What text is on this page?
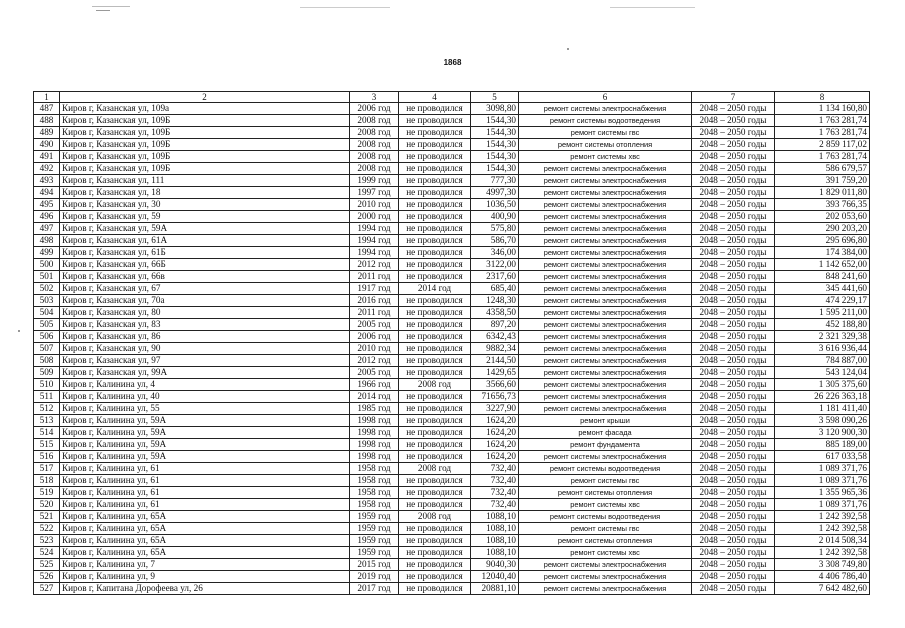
1868
1	2	3	4	5	6	7	8
487	Киров г, Казанская ул, 109а	2006 год	не проводился	3098,80	ремонт системы электроснабжения	2048 – 2050 годы	1 134 160,80
488	Киров г, Казанская ул, 109Б	2008 год	не проводился	1544,30	ремонт системы водоотведения	2048 – 2050 годы	1 763 281,74
489	Киров г, Казанская ул, 109Б	2008 год	не проводился	1544,30	ремонт системы гвс	2048 – 2050 годы	1 763 281,74
490	Киров г, Казанская ул, 109Б	2008 год	не проводился	1544,30	ремонт системы отопления	2048 – 2050 годы	2 859 117,02
491	Киров г, Казанская ул, 109Б	2008 год	не проводился	1544,30	ремонт системы хвс	2048 – 2050 годы	1 763 281,74
492	Киров г, Казанская ул, 109Б	2008 год	не проводился	1544,30	ремонт системы электроснабжения	2048 – 2050 годы	586 679,57
493	Киров г, Казанская ул, 111	1999 год	не проводился	777,30	ремонт системы электроснабжения	2048 – 2050 годы	391 759,20
494	Киров г, Казанская ул, 18	1997 год	не проводился	4997,30	ремонт системы электроснабжения	2048 – 2050 годы	1 829 011,80
495	Киров г, Казанская ул, 30	2010 год	не проводился	1036,50	ремонт системы электроснабжения	2048 – 2050 годы	393 766,35
496	Киров г, Казанская ул, 59	2000 год	не проводился	400,90	ремонт системы электроснабжения	2048 – 2050 годы	202 053,60
497	Киров г, Казанская ул, 59А	1994 год	не проводился	575,80	ремонт системы электроснабжения	2048 – 2050 годы	290 203,20
498	Киров г, Казанская ул, 61А	1994 год	не проводился	586,70	ремонт системы электроснабжения	2048 – 2050 годы	295 696,80
499	Киров г, Казанская ул, 61Б	1994 год	не проводился	346,00	ремонт системы электроснабжения	2048 – 2050 годы	174 384,00
500	Киров г, Казанская ул, 66Б	2012 год	не проводился	3122,00	ремонт системы электроснабжения	2048 – 2050 годы	1 142 652,00
501	Киров г, Казанская ул, 66в	2011 год	не проводился	2317,60	ремонт системы электроснабжения	2048 – 2050 годы	848 241,60
502	Киров г, Казанская ул, 67	1917 год	2014 год	685,40	ремонт системы электроснабжения	2048 – 2050 годы	345 441,60
503	Киров г, Казанская ул, 70а	2016 год	не проводился	1248,30	ремонт системы электроснабжения	2048 – 2050 годы	474 229,17
504	Киров г, Казанская ул, 80	2011 год	не проводился	4358,50	ремонт системы электроснабжения	2048 – 2050 годы	1 595 211,00
505	Киров г, Казанская ул, 83	2005 год	не проводился	897,20	ремонт системы электроснабжения	2048 – 2050 годы	452 188,80
506	Киров г, Казанская ул, 86	2006 год	не проводился	6342,43	ремонт системы электроснабжения	2048 – 2050 годы	2 321 329,38
507	Киров г, Казанская ул, 90	2010 год	не проводился	9882,34	ремонт системы электроснабжения	2048 – 2050 годы	3 616 936,44
508	Киров г, Казанская ул, 97	2012 год	не проводился	2144,50	ремонт системы электроснабжения	2048 – 2050 годы	784 887,00
509	Киров г, Казанская ул, 99А	2005 год	не проводился	1429,65	ремонт системы электроснабжения	2048 – 2050 годы	543 124,04
510	Киров г, Калинина ул, 4	1966 год	2008 год	3566,60	ремонт системы электроснабжения	2048 – 2050 годы	1 305 375,60
511	Киров г, Калинина ул, 40	2014 год	не проводился	71656,73	ремонт системы электроснабжения	2048 – 2050 годы	26 226 363,18
512	Киров г, Калинина ул, 55	1985 год	не проводился	3227,90	ремонт системы электроснабжения	2048 – 2050 годы	1 181 411,40
513	Киров г, Калинина ул, 59А	1998 год	не проводился	1624,20	ремонт крыши	2048 – 2050 годы	3 598 090,26
514	Киров г, Калинина ул, 59А	1998 год	не проводился	1624,20	ремонт фасада	2048 – 2050 годы	3 120 900,30
515	Киров г, Калинина ул, 59А	1998 год	не проводился	1624,20	ремонт фундамента	2048 – 2050 годы	885 189,00
516	Киров г, Калинина ул, 59А	1998 год	не проводился	1624,20	ремонт системы электроснабжения	2048 – 2050 годы	617 033,58
517	Киров г, Калинина ул, 61	1958 год	2008 год	732,40	ремонт системы водоотведения	2048 – 2050 годы	1 089 371,76
518	Киров г, Калинина ул, 61	1958 год	не проводился	732,40	ремонт системы гвс	2048 – 2050 годы	1 089 371,76
519	Киров г, Калинина ул, 61	1958 год	не проводился	732,40	ремонт системы отопления	2048 – 2050 годы	1 355 965,36
520	Киров г, Калинина ул, 61	1958 год	не проводился	732,40	ремонт системы хвс	2048 – 2050 годы	1 089 371,76
521	Киров г, Калинина ул, 65А	1959 год	2008 год	1088,10	ремонт системы водоотведения	2048 – 2050 годы	1 242 392,58
522	Киров г, Калинина ул, 65А	1959 год	не проводился	1088,10	ремонт системы гвс	2048 – 2050 годы	1 242 392,58
523	Киров г, Калинина ул, 65А	1959 год	не проводился	1088,10	ремонт системы отопления	2048 – 2050 годы	2 014 508,34
524	Киров г, Калинина ул, 65А	1959 год	не проводился	1088,10	ремонт системы хвс	2048 – 2050 годы	1 242 392,58
525	Киров г, Калинина ул, 7	2015 год	не проводился	9040,30	ремонт системы электроснабжения	2048 – 2050 годы	3 308 749,80
526	Киров г, Калинина ул, 9	2019 год	не проводился	12040,40	ремонт системы электроснабжения	2048 – 2050 годы	4 406 786,40
527	Киров г, Капитана Дорофеева ул, 26	2017 год	не проводился	20881,10	ремонт системы электроснабжения	2048 – 2050 годы	7 642 482,60
